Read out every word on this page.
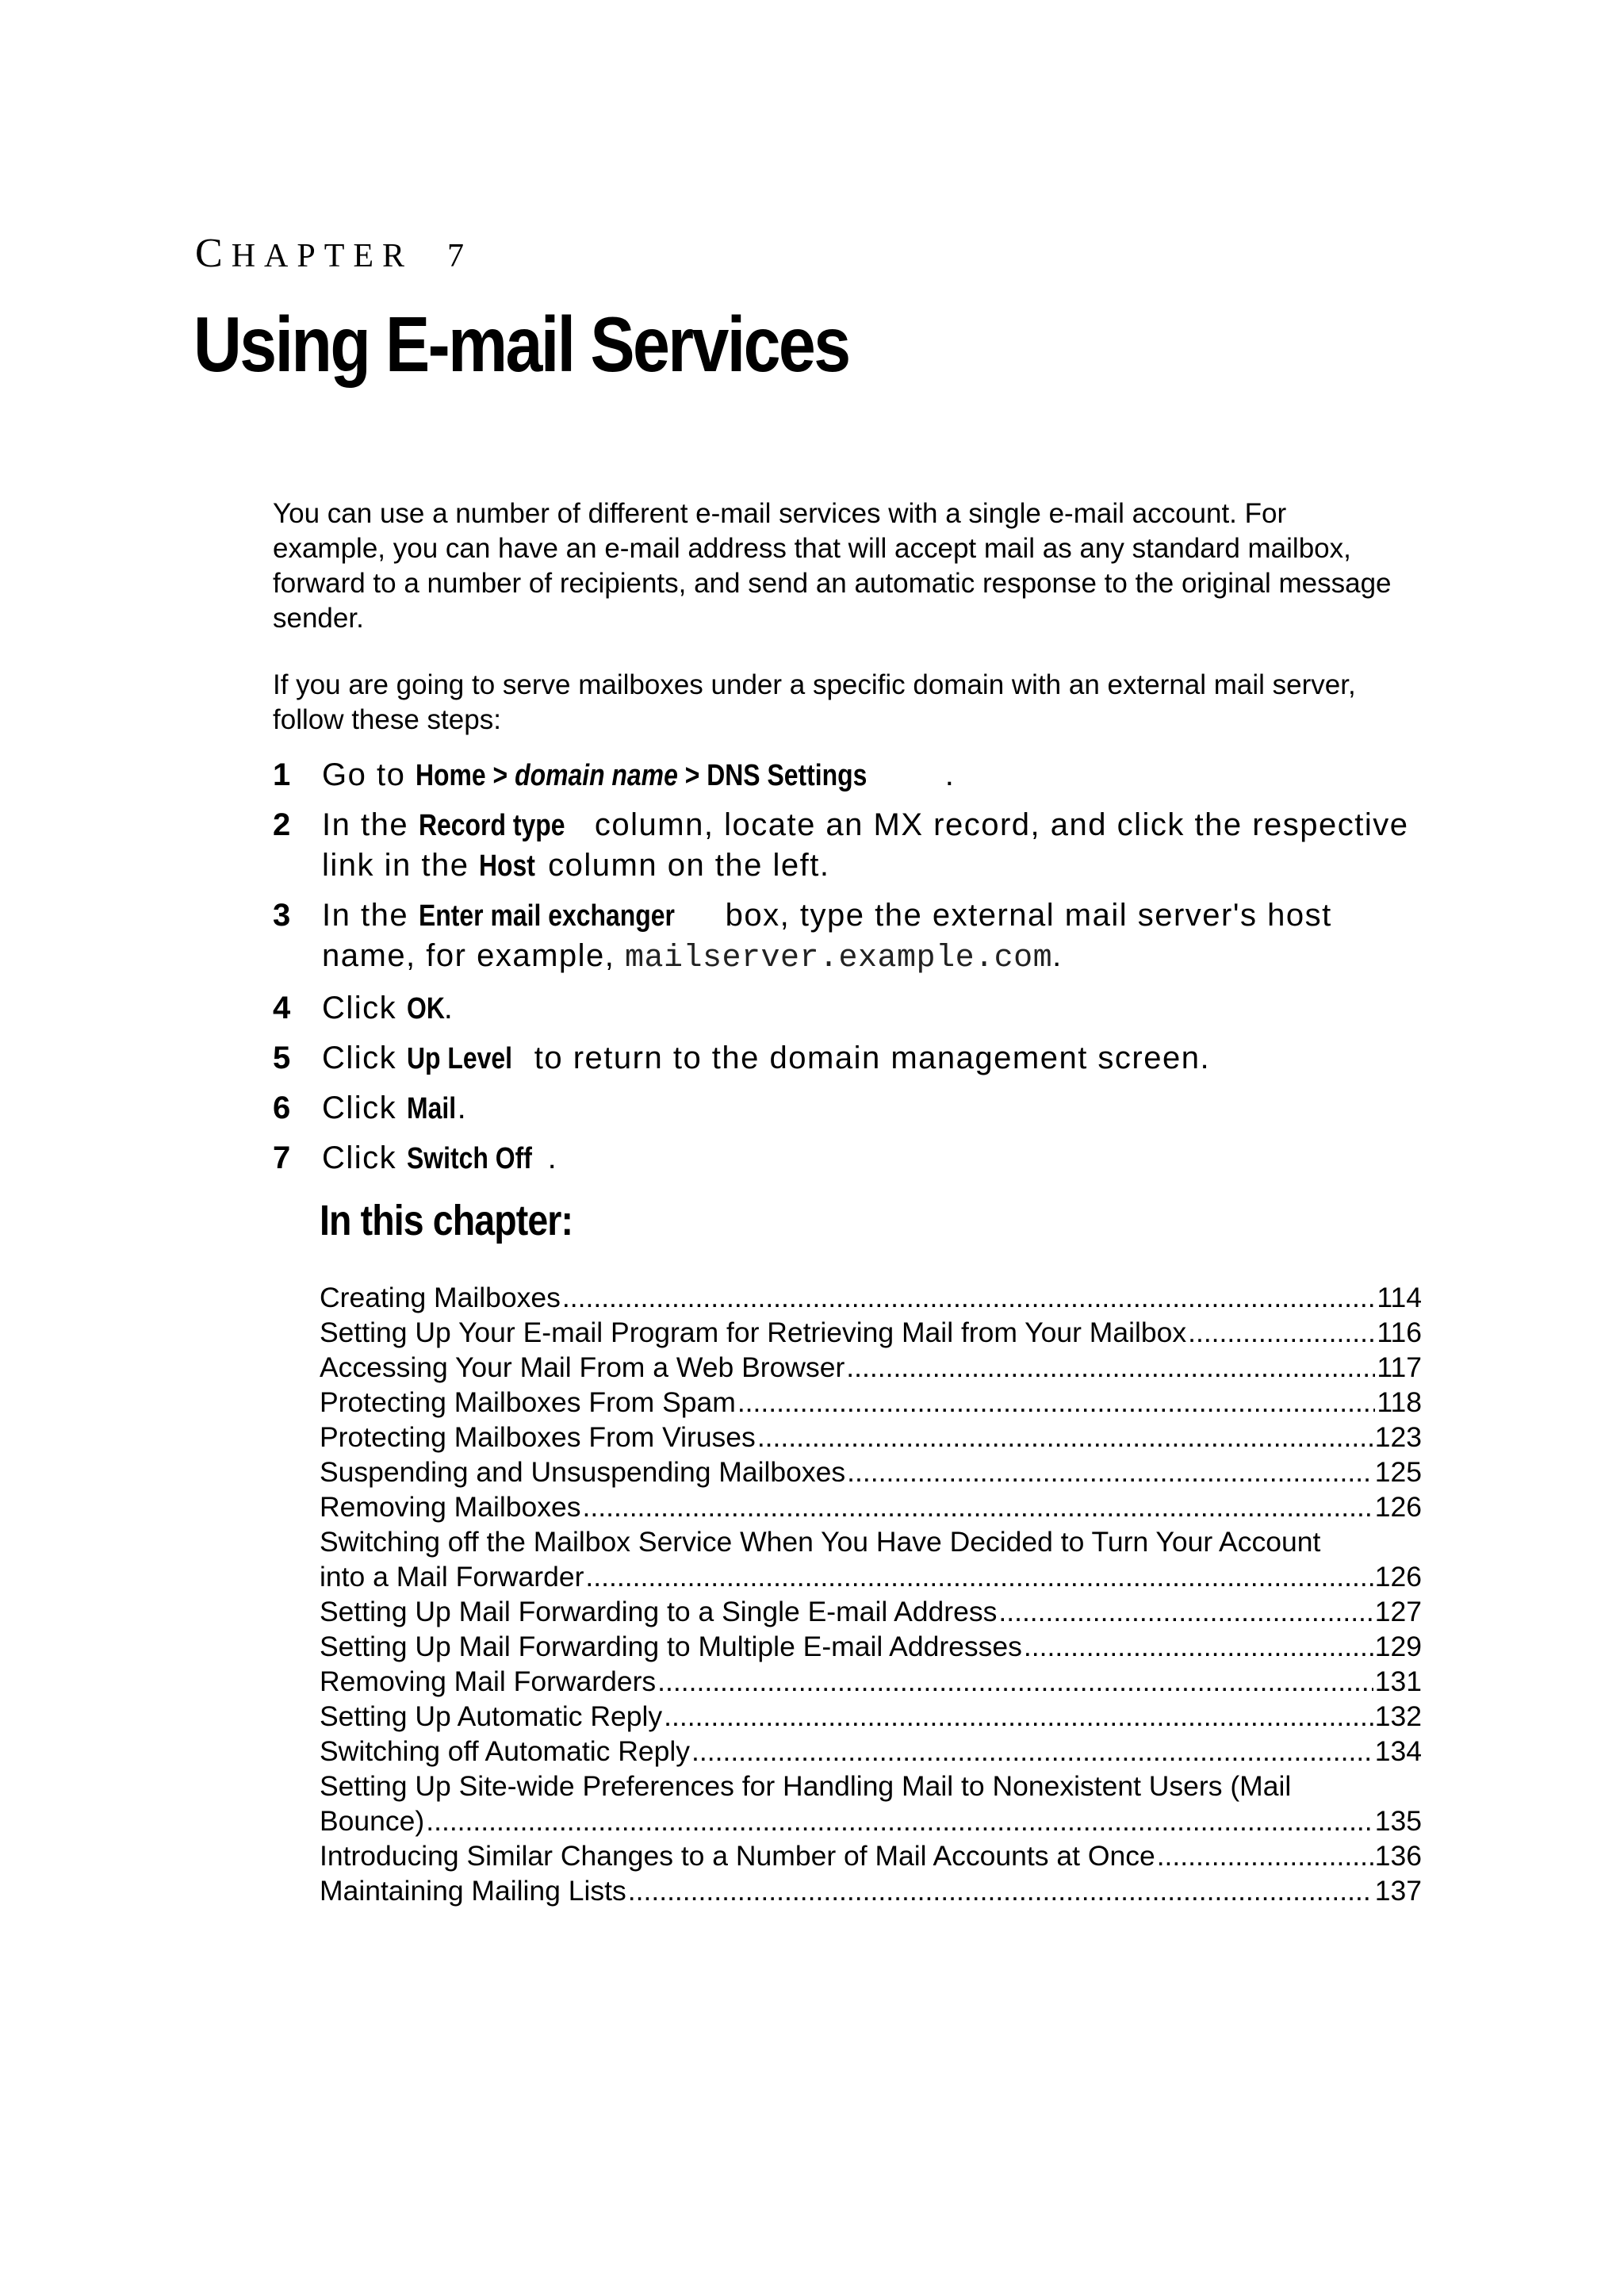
CHAPTER 7
Using E-mail Services

You can use a number of different e-mail services with a single e-mail account. For example, you can have an e-mail address that will accept mail as any standard mailbox, forward to a number of recipients, and send an automatic response to the original message sender.

If you are going to serve mailboxes under a specific domain with an external mail server, follow these steps:

1 Go to Home > domain name > DNS Settings .
2 In the Record type column, locate an MX record, and click the respective link in the Host column on the left.
3 In the Enter mail exchanger box, type the external mail server's host name, for example, mailserver.example.com.
4 Click OK.
5 Click Up Level to return to the domain management screen.
6 Click Mail.
7 Click Switch Off .
In this chapter:
Creating Mailboxes .....	114
Setting Up Your E-mail Program for Retrieving Mail from Your Mailbox .....	116
Accessing Your Mail From a Web Browser .....	117
Protecting Mailboxes From Spam .....	118
Protecting Mailboxes From Viruses .....	123
Suspending and Unsuspending Mailboxes .....	125
Removing Mailboxes .....	126
Switching off the Mailbox Service When You Have Decided to Turn Your Account
into a Mail Forwarder .....	126
Setting Up Mail Forwarding to a Single E-mail Address .....	127
Setting Up Mail Forwarding to Multiple E-mail Addresses .....	129
Removing Mail Forwarders .....	131
Setting Up Automatic Reply .....	132
Switching off Automatic Reply .....	134
Setting Up Site-wide Preferences for Handling Mail to Nonexistent Users (Mail
Bounce) .....	135
Introducing Similar Changes to a Number of Mail Accounts at Once .....	136
Maintaining Mailing Lists .....	137
